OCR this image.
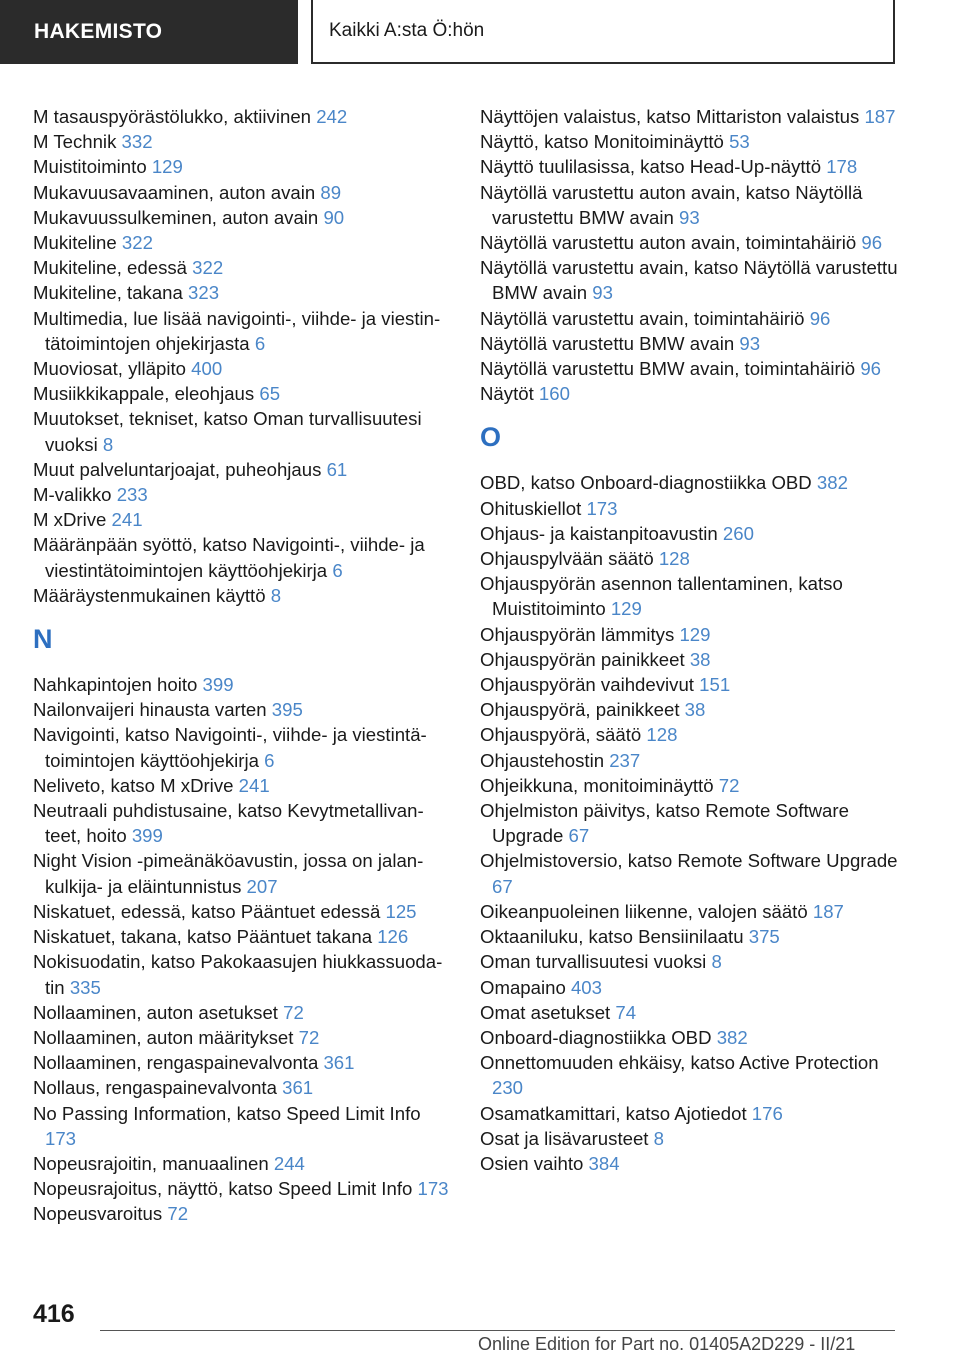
HAKEMISTO	Kaikki A:sta Ö:hön
M tasauspyörästölukko, aktiivinen 242
M Technik 332
Muistitoiminto 129
Mukavuusavaaminen, auton avain 89
Mukavuussulkeminen, auton avain 90
Mukiteline 322
Mukiteline, edessä 322
Mukiteline, takana 323
Multimedia, lue lisää navigointi-, viihde- ja viestintätoimintojen ohjekirjasta 6
Muoviosat, ylläpito 400
Musiikkikappale, eleohjaus 65
Muutokset, tekniset, katso Oman turvallisuutesi vuoksi 8
Muut palveluntarjoajat, puheohjaus 61
M-valikko 233
M xDrive 241
Määränpään syöttö, katso Navigointi-, viihde- ja viestintätoimintojen käyttöohjekirja 6
Määräystenmukainen käyttö 8
N
Nahkapintojen hoito 399
Nailonvaijeri hinausta varten 395
Navigointi, katso Navigointi-, viihde- ja viestintätoimintojen käyttöohjekirja 6
Neliveto, katso M xDrive 241
Neutraali puhdistusaine, katso Kevytmetallivanteet, hoito 399
Night Vision -pimeänäköavustin, jossa on jalankulkija- ja eläintunnistus 207
Niskatuet, edessä, katso Pääntuet edessä 125
Niskatuet, takana, katso Pääntuet takana 126
Nokisuodatin, katso Pakokaasujen hiukkassuodatin 335
Nollaaminen, auton asetukset 72
Nollaaminen, auton määritykset 72
Nollaaminen, rengaspainevalvonta 361
Nollaus, rengaspainevalvonta 361
No Passing Information, katso Speed Limit Info 173
Nopeusrajoitin, manuaalinen 244
Nopeusrajoitus, näyttö, katso Speed Limit Info 173
Nopeusvaroitus 72
Näyttöjen valaistus, katso Mittariston valaistus 187
Näyttö, katso Monitoiminäyttö 53
Näyttö tuulilasissa, katso Head-Up-näyttö 178
Näytöllä varustettu auton avain, katso Näytöllä varustettu BMW avain 93
Näytöllä varustettu auton avain, toimintahäiriö 96
Näytöllä varustettu avain, katso Näytöllä varustettu BMW avain 93
Näytöllä varustettu avain, toimintahäiriö 96
Näytöllä varustettu BMW avain 93
Näytöllä varustettu BMW avain, toimintahäiriö 96
Näytöt 160
O
OBD, katso Onboard-diagnostiikka OBD 382
Ohituskiellot 173
Ohjaus- ja kaistanpitoavustin 260
Ohjauspylvään säätö 128
Ohjauspyörän asennon tallentaminen, katso Muistitoiminto 129
Ohjauspyörän lämmitys 129
Ohjauspyörän painikkeet 38
Ohjauspyörän vaihdevivut 151
Ohjauspyörä, painikkeet 38
Ohjauspyörä, säätö 128
Ohjaustehostin 237
Ohjeikkuna, monitoiminäyttö 72
Ohjelmiston päivitys, katso Remote Software Upgrade 67
Ohjelmistoversio, katso Remote Software Upgrade 67
Oikeanpuoleinen liikenne, valojen säätö 187
Oktaaniluku, katso Bensiinilaatu 375
Oman turvallisuutesi vuoksi 8
Omapaino 403
Omat asetukset 74
Onboard-diagnostiikka OBD 382
Onnettomuuden ehkäisy, katso Active Protection 230
Osamatkamittari, katso Ajotiedot 176
Osat ja lisävarusteet 8
Osien vaihto 384
416
Online Edition for Part no. 01405A2D229 - II/21
